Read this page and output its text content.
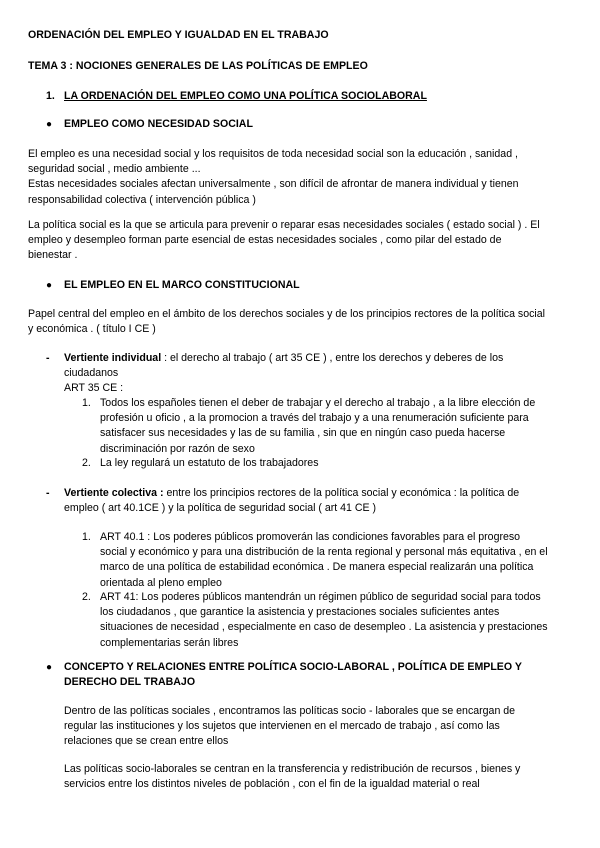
ORDENACIÓN DEL EMPLEO Y IGUALDAD EN EL TRABAJO
TEMA 3 : NOCIONES GENERALES DE LAS POLÍTICAS DE EMPLEO
1. LA ORDENACIÓN DEL EMPLEO COMO UNA POLÍTICA SOCIOLABORAL
● EMPLEO COMO NECESIDAD SOCIAL

El empleo es una necesidad social y los requisitos de toda necesidad social son la educación , sanidad ,

seguridad social , medio ambiente ...

Estas necesidades sociales afectan universalmente , son difícil de afrontar de manera individual y tienen

responsabilidad colectiva ( intervención pública )

La política social es la que se articula para prevenir o reparar esas necesidades sociales ( estado social ) . El

empleo y desempleo forman parte esencial de estas necesidades sociales , como pilar del estado de

bienestar .

● EL EMPLEO EN EL MARCO CONSTITUCIONAL

Papel central del empleo en el ámbito de los derechos sociales y de los principios rectores de la política social

y económica . ( título I CE )

- Vertiente individual : el derecho al trabajo ( art 35 CE ) , entre los derechos y deberes de los

ciudadanos

ART 35 CE :

1. Todos los españoles tienen el deber de trabajar y el derecho al trabajo , a la libre elección de

profesión u oficio , a la promocion a través del trabajo y a una renumeración suficiente para

satisfacer sus necesidades y las de su familia , sin que en ningún caso pueda hacerse

discriminación por razón de sexo

2. La ley regulará un estatuto de los trabajadores

- Vertiente colectiva : entre los principios rectores de la política social y económica : la política de

empleo ( art 40.1CE ) y la política de seguridad social ( art 41 CE )

1. ART 40.1 : Los poderes públicos promoverán las condiciones favorables para el progreso

social y económico y para una distribución de la renta regional y personal más equitativa , en el

marco de una política de estabilidad económica . De manera especial realizarán una política

orientada al pleno empleo

2. ART 41: Los poderes públicos mantendrán un régimen público de seguridad social para todos

los ciudadanos , que garantice la asistencia y prestaciones sociales suficientes antes

situaciones de necesidad , especialmente en caso de desempleo . La asistencia y prestaciones

complementarias serán libres

● CONCEPTO Y RELACIONES ENTRE POLÍTICA SOCIO-LABORAL , POLÍTICA DE EMPLEO Y

DERECHO DEL TRABAJO

Dentro de las políticas sociales , encontramos las políticas socio - laborales que se encargan de

regular las instituciones y los sujetos que intervienen en el mercado de trabajo , así como las

relaciones que se crean entre ellos

Las políticas socio-laborales se centran en la transferencia y redistribución de recursos , bienes y

servicios entre los distintos niveles de población , con el fin de la igualdad material o real
